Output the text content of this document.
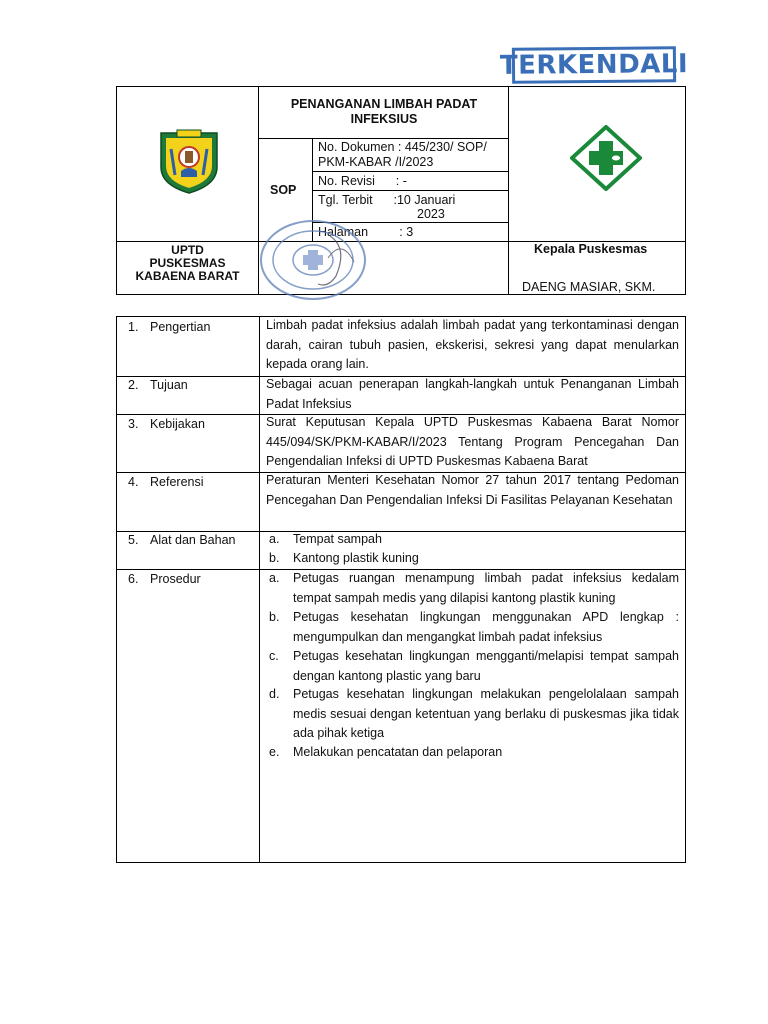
TERKENDALI
PENANGANAN LIMBAH PADAT INFEKSIUS
SOP
No. Dokumen : 445/230/ SOP/ PKM-KABAR /I/2023
No. Revisi      : -
Tgl. Terbit      :10 Januari
2023
Halaman         : 3
UPTD
PUSKESMAS
KABAENA BARAT
Kepala Puskesmas
DAENG MASIAR, SKM.
1. Pengertian	Limbah padat infeksius adalah limbah padat yang terkontaminasi dengan darah, cairan tubuh pasien, ekskerisi, sekresi yang dapat menularkan kepada orang lain.

2. Tujuan	Sebagai acuan penerapan langkah-langkah untuk Penanganan Limbah Padat Infeksius

3. Kebijakan	Surat Keputusan Kepala UPTD Puskesmas Kabaena Barat Nomor 445/094/SK/PKM-KABAR/I/2023 Tentang Program Pencegahan Dan Pengendalian Infeksi di UPTD Puskesmas Kabaena Barat

4. Referensi	Peraturan Menteri Kesehatan Nomor 27 tahun 2017 tentang Pedoman Pencegahan Dan Pengendalian Infeksi Di Fasilitas Pelayanan Kesehatan

5. Alat dan Bahan	a. Tempat sampah
b. Kantong plastik kuning
6. Prosedur	a. Petugas ruangan menampung limbah padat infeksius kedalam tempat sampah medis yang dilapisi kantong plastik kuning
b. Petugas kesehatan lingkungan menggunakan APD lengkap : mengumpulkan dan mengangkat limbah padat infeksius
c. Petugas kesehatan lingkungan mengganti/melapisi tempat sampah dengan kantong plastic yang baru
d. Petugas kesehatan lingkungan melakukan pengelolalaan sampah medis sesuai dengan ketentuan yang berlaku di puskesmas jika tidak ada pihak ketiga
e. Melakukan pencatatan dan pelaporan
